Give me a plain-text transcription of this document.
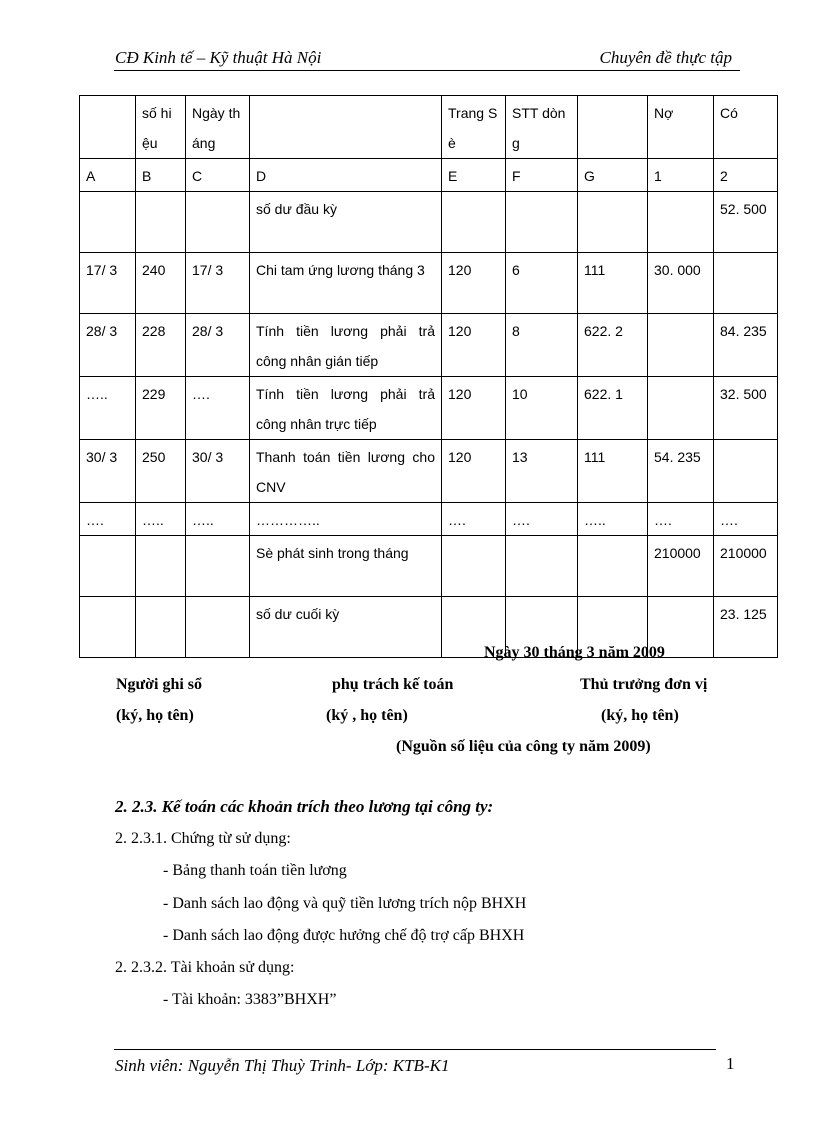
CĐ Kinh tế – Kỹ thuật Hà Nội	Chuyên đề thực tập
	số hiệu	Ngày tháng		Trang Sè	STT dòng		Nợ	Có
A	B	C	D	E	F	G	1	2
			số dư đầu kỳ					52. 500
17/ 3	240	17/ 3	Chi tam ứng lương tháng 3	120	6	111	30. 000	
28/ 3	228	28/ 3	Tính tiền lương phải trả công nhân gián tiếp	120	8	622. 2		84. 235
…..	229	….	Tính tiền lương phải trả công nhân trực tiếp	120	10	622. 1		32. 500
30/ 3	250	30/ 3	Thanh toán tiền lương cho CNV	120	13	111	54. 235	
….	…..	…..	…………..	….	….	…..	….	….
			Sè phát sinh trong tháng				210000	210000
			số dư cuối kỳ					23. 125
Ngày 30 tháng 3 năm 2009
Người ghi sổ
(ký, họ tên)
phụ trách kế toán
(ký , họ tên)
Thủ trưởng đơn vị
(ký, họ tên)
(Nguồn số liệu của công ty năm 2009)
2. 2.3. Kế toán các khoản trích theo lương tại công ty:
2. 2.3.1. Chứng từ sử dụng:
- Bảng thanh toán tiền lương
- Danh sách lao động và quỹ tiền lương trích nộp BHXH
- Danh sách lao động được hưởng chế độ trợ cấp BHXH
2. 2.3.2. Tài khoản sử dụng:
- Tài khoản: 3383”BHXH”
Sinh viên: Nguyễn Thị Thuỳ Trinh- Lớp: KTB-K1	1
